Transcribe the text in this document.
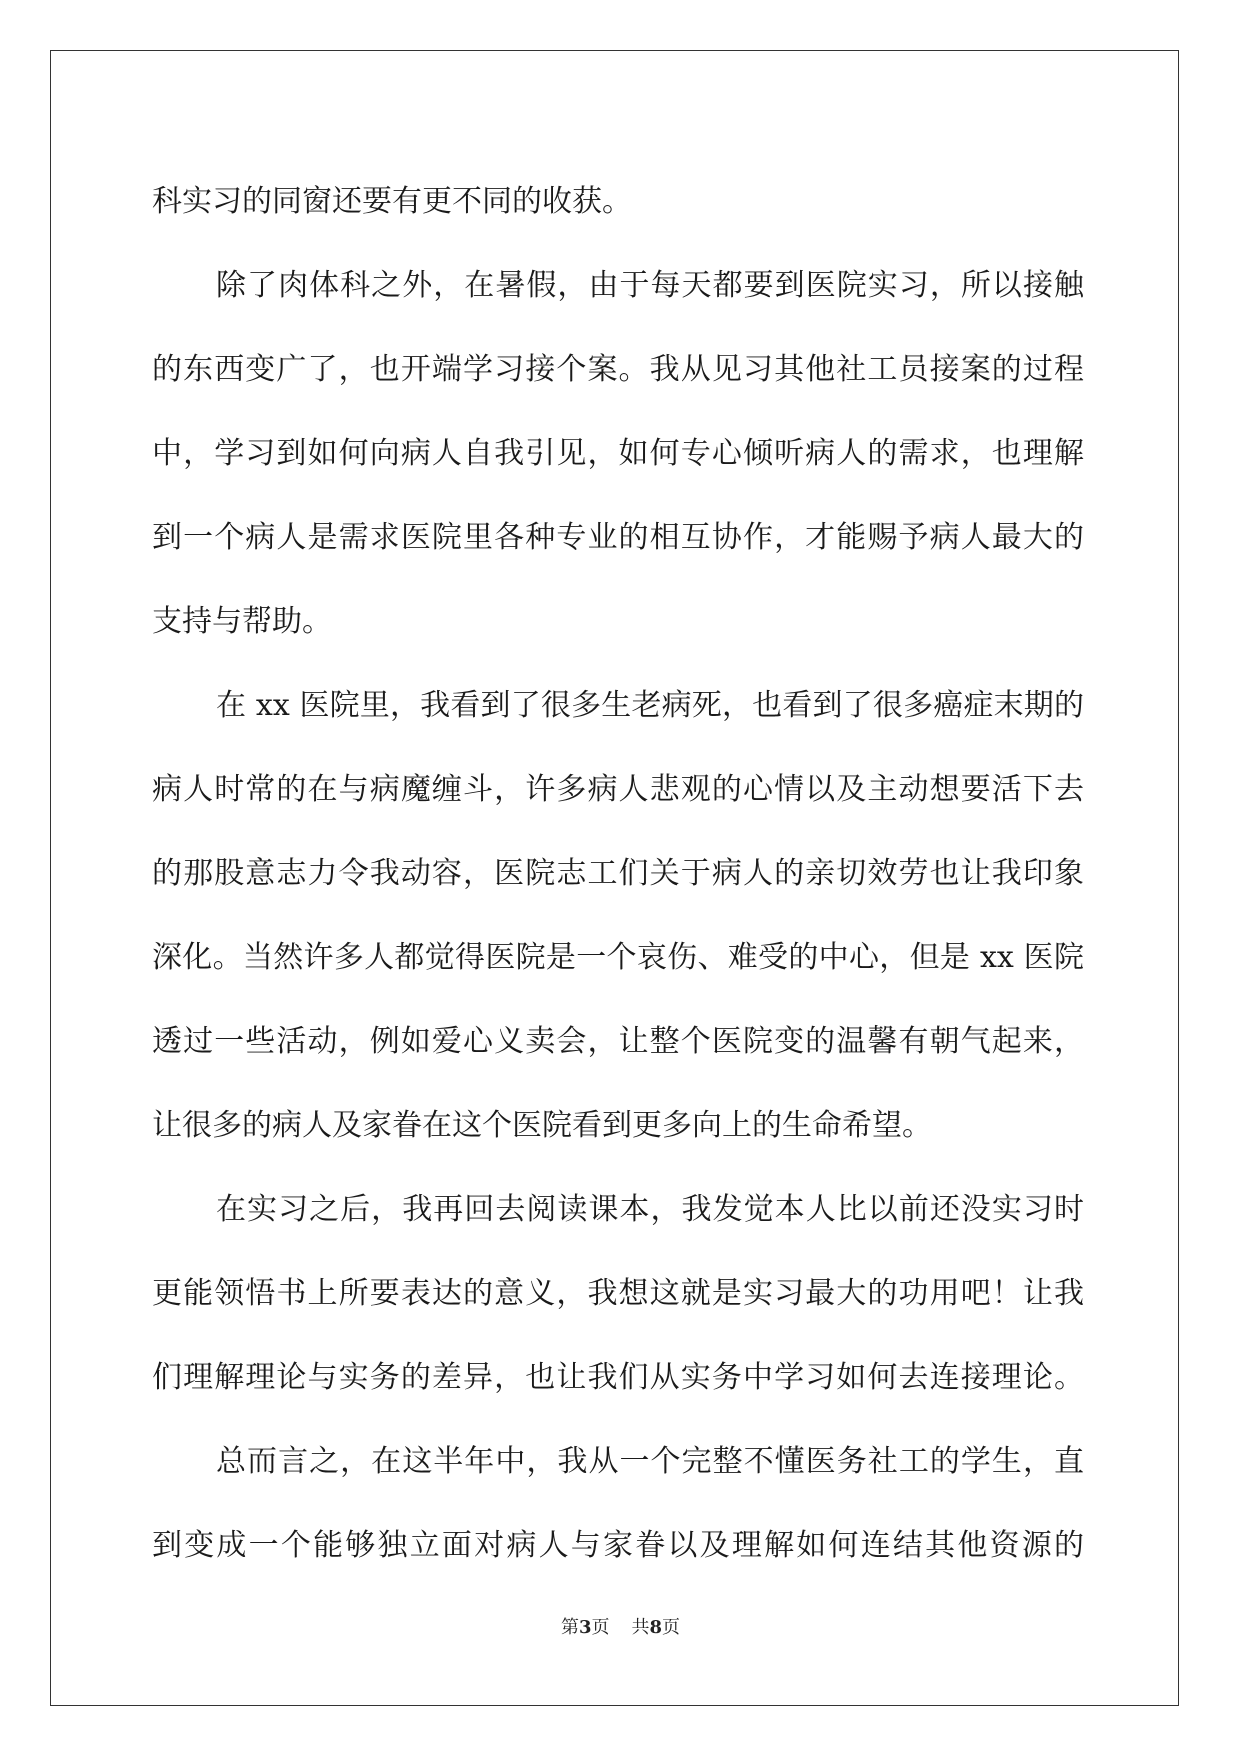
科实习的同窗还要有更不同的收获。
除了肉体科之外，在暑假，由于每天都要到医院实习，所以接触
的东西变广了，也开端学习接个案。我从见习其他社工员接案的过程
中，学习到如何向病人自我引见，如何专心倾听病人的需求，也理解
到一个病人是需求医院里各种专业的相互协作，才能赐予病人最大的
支持与帮助。
在 xx 医院里，我看到了很多生老病死，也看到了很多癌症末期的
病人时常的在与病魔缠斗，许多病人悲观的心情以及主动想要活下去
的那股意志力令我动容，医院志工们关于病人的亲切效劳也让我印象
深化。当然许多人都觉得医院是一个哀伤、难受的中心，但是 xx 医院
透过一些活动，例如爱心义卖会，让整个医院变的温馨有朝气起来，
让很多的病人及家眷在这个医院看到更多向上的生命希望。
在实习之后，我再回去阅读课本，我发觉本人比以前还没实习时
更能领悟书上所要表达的意义，我想这就是实习最大的功用吧！让我
们理解理论与实务的差异，也让我们从实务中学习如何去连接理论。
总而言之，在这半年中，我从一个完整不懂医务社工的学生，直
到变成一个能够独立面对病人与家眷以及理解如何连结其他资源的
第3页 共8页
